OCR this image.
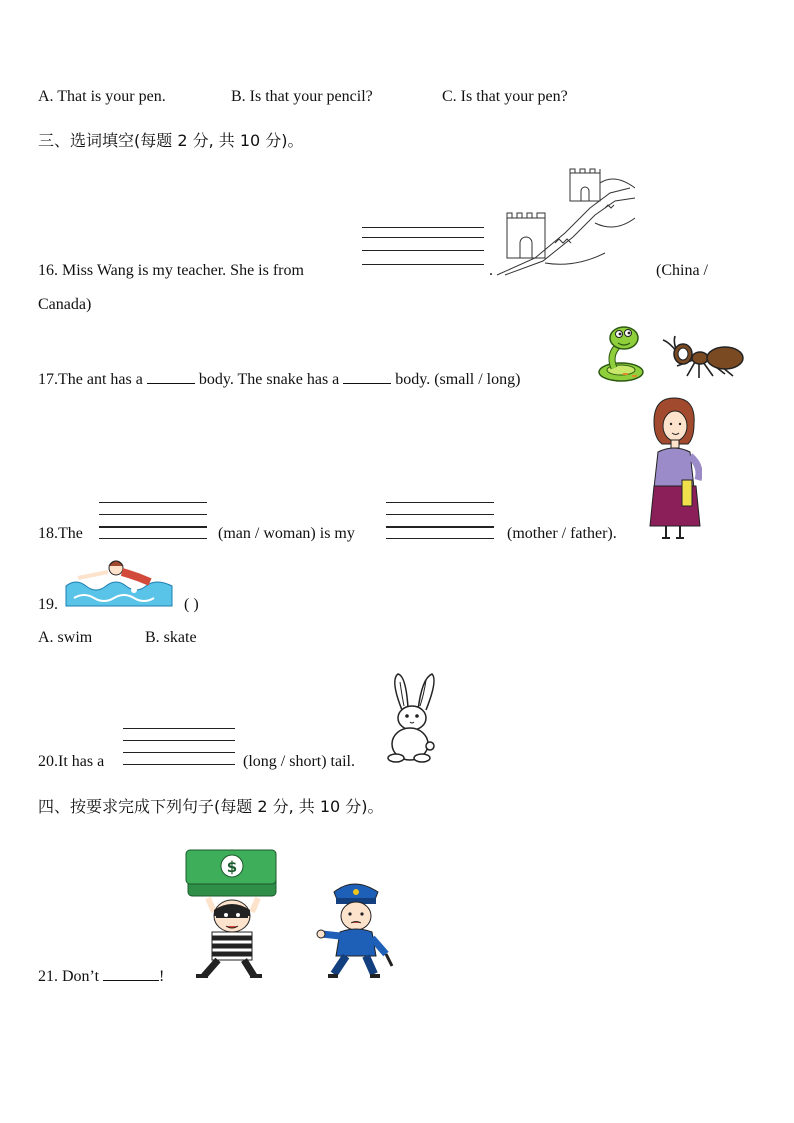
A. That is your pen.	B. Is that your pencil?	C. Is that your pen?
三、选词填空(每题 2 分, 共 10 分)。
16. Miss Wang is my teacher. She is from	.	(China /
Canada)
17.The ant has a	body. The snake has a	body. (small / long)
18.The	(man / woman) is my	(mother / father).
19.	( )
A. swim	B. skate
20.It has a	(long / short) tail.
四、按要求完成下列句子(每题 2 分, 共 10 分)。
$
21. Don’t	!
